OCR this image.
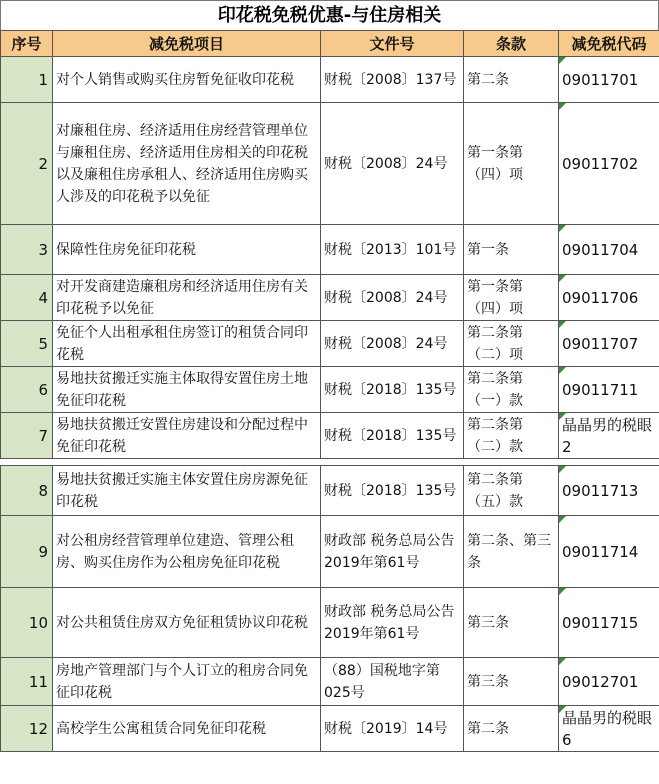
印花税免税优惠-与住房相关
序号	减免税项目	文件号	条款	减免税代码
1	对个人销售或购买住房暂免征收印花税	财税〔2008〕137号	第二条	09011701
2	对廉租住房、经济适用住房经营管理单位与廉租住房、经济适用住房相关的印花税以及廉租住房承租人、经济适用住房购买人涉及的印花税予以免征	财税〔2008〕24号	第一条第（四）项	09011702
3	保障性住房免征印花税	财税〔2013〕101号	第一条	09011704
4	对开发商建造廉租房和经济适用住房有关印花税予以免征	财税〔2008〕24号	第一条第（四）项	09011706
5	免征个人出租承租住房签订的租赁合同印花税	财税〔2008〕24号	第二条第（二）项	09011707
6	易地扶贫搬迁实施主体取得安置住房土地免征印花税	财税〔2018〕135号	第二条第（一）款	09011711
7	易地扶贫搬迁安置住房建设和分配过程中免征印花税	财税〔2018〕135号	第二条第（二）款	晶晶男的税眼2
8	易地扶贫搬迁实施主体安置住房房源免征印花税	财税〔2018〕135号	第二条第（五）款	09011713
9	对公租房经营管理单位建造、管理公租房、购买住房作为公租房免征印花税	财政部 税务总局公告2019年第61号	第二条、第三条	09011714
10	对公共租赁住房双方免征租赁协议印花税	财政部 税务总局公告2019年第61号	第三条	09011715
11	房地产管理部门与个人订立的租房合同免征印花税	（88）国税地字第025号	第三条	09012701
12	高校学生公寓租赁合同免征印花税	财税〔2019〕14号	第二条	晶晶男的税眼6
